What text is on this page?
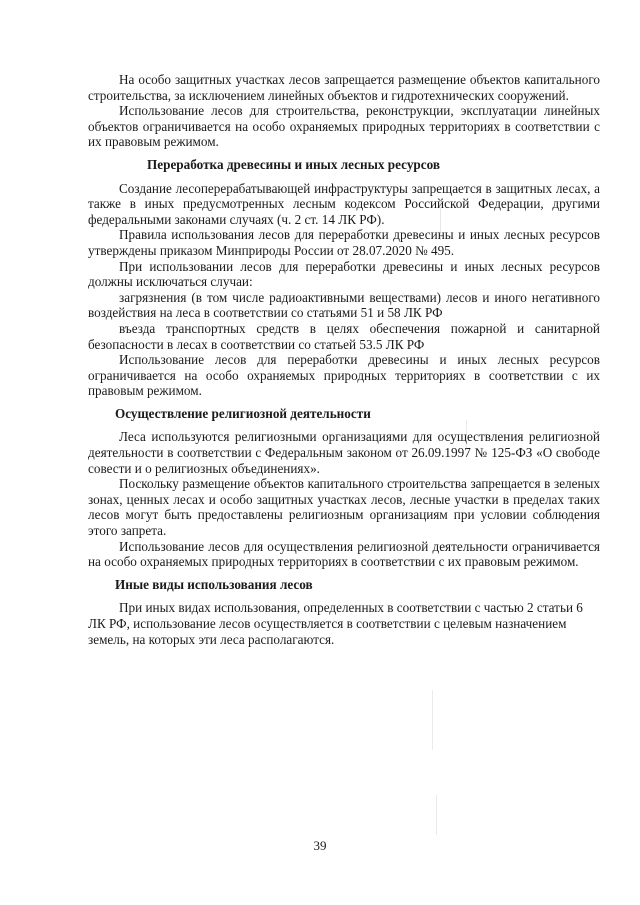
На особо защитных участках лесов запрещается размещение объектов капитального строительства, за исключением линейных объектов и гидротехнических сооружений.

Использование лесов для строительства, реконструкции, эксплуатации линейных объектов ограничивается на особо охраняемых природных территориях в соответствии с их правовым режимом.

Переработка древесины и иных лесных ресурсов

Создание лесоперерабатывающей инфраструктуры запрещается в защитных лесах, а также в иных предусмотренных лесным кодексом Российской Федерации, другими федеральными законами случаях (ч. 2 ст. 14 ЛК РФ).

Правила использования лесов для переработки древесины и иных лесных ресурсов утверждены приказом Минприроды России от 28.07.2020 № 495.

При использовании лесов для переработки древесины и иных лесных ресурсов должны исключаться случаи:

загрязнения (в том числе радиоактивными веществами) лесов и иного негативного воздействия на леса в соответствии со статьями 51 и 58 ЛК РФ

въезда транспортных средств в целях обеспечения пожарной и санитарной безопасности в лесах в соответствии со статьей 53.5 ЛК РФ

Использование лесов для переработки древесины и иных лесных ресурсов ограничивается на особо охраняемых природных территориях в соответствии с их правовым режимом.

Осуществление религиозной деятельности

Леса используются религиозными организациями для осуществления религиозной деятельности в соответствии с Федеральным законом от 26.09.1997 № 125-ФЗ «О свободе совести и о религиозных объединениях».

Поскольку размещение объектов капитального строительства запрещается в зеленых зонах, ценных лесах и особо защитных участках лесов, лесные участки в пределах таких лесов могут быть предоставлены религиозным организациям при условии соблюдения этого запрета.

Использование лесов для осуществления религиозной деятельности ограничивается на особо охраняемых природных территориях в соответствии с их правовым режимом.

Иные виды использования лесов

При иных видах использования, определенных в соответствии с частью 2 статьи 6 ЛК РФ, использование лесов осуществляется в соответствии с целевым назначением земель, на которых эти леса располагаются.

39
